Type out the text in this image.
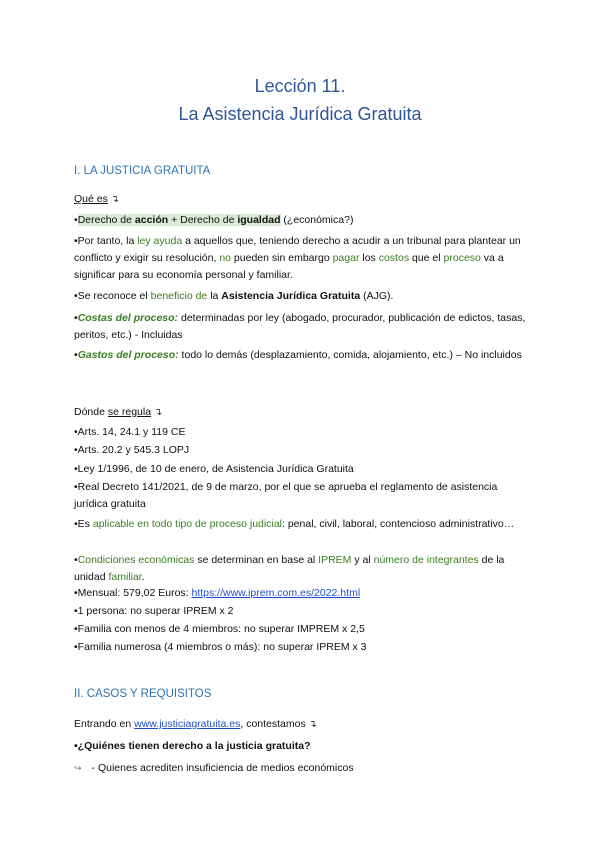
Lección 11.
La Asistencia Jurídica Gratuita
I. LA JUSTICIA GRATUITA
Qué es ↴
•Derecho de acción + Derecho de igualdad (¿económica?)
•Por tanto, la ley ayuda a aquellos que, teniendo derecho a acudir a un tribunal para plantear un conflicto y exigir su resolución, no pueden sin embargo pagar los costos que el proceso va a significar para su economía personal y familiar.
•Se reconoce el beneficio de la Asistencia Jurídica Gratuita (AJG).
•Costas del proceso: determinadas por ley (abogado, procurador, publicación de edictos, tasas, peritos, etc.) - Incluidas
•Gastos del proceso: todo lo demás (desplazamiento, comida, alojamiento, etc.) – No incluidos
Dónde se regula ↴
•Arts. 14, 24.1 y 119 CE
•Arts. 20.2 y 545.3 LOPJ
•Ley 1/1996, de 10 de enero, de Asistencia Jurídica Gratuita
•Real Decreto 141/2021, de 9 de marzo, por el que se aprueba el reglamento de asistencia jurídica gratuita
•Es aplicable en todo tipo de proceso judicial: penal, civil, laboral, contencioso administrativo…
•Condiciones económicas se determinan en base al IPREM y al número de integrantes de la unidad familiar.
•Mensual: 579,02 Euros: https://www.iprem.com.es/2022.html
•1 persona: no superar IPREM x 2
•Familia con menos de 4 miembros: no superar IMPREM x 2,5
•Familia numerosa (4 miembros o más): no superar IPREM x 3
II. CASOS Y REQUISITOS
Entrando en www.justiciagratuita.es, contestamos ↴
•¿Quiénes tienen derecho a la justicia gratuita?
↪ - Quienes acrediten insuficiencia de medios económicos
